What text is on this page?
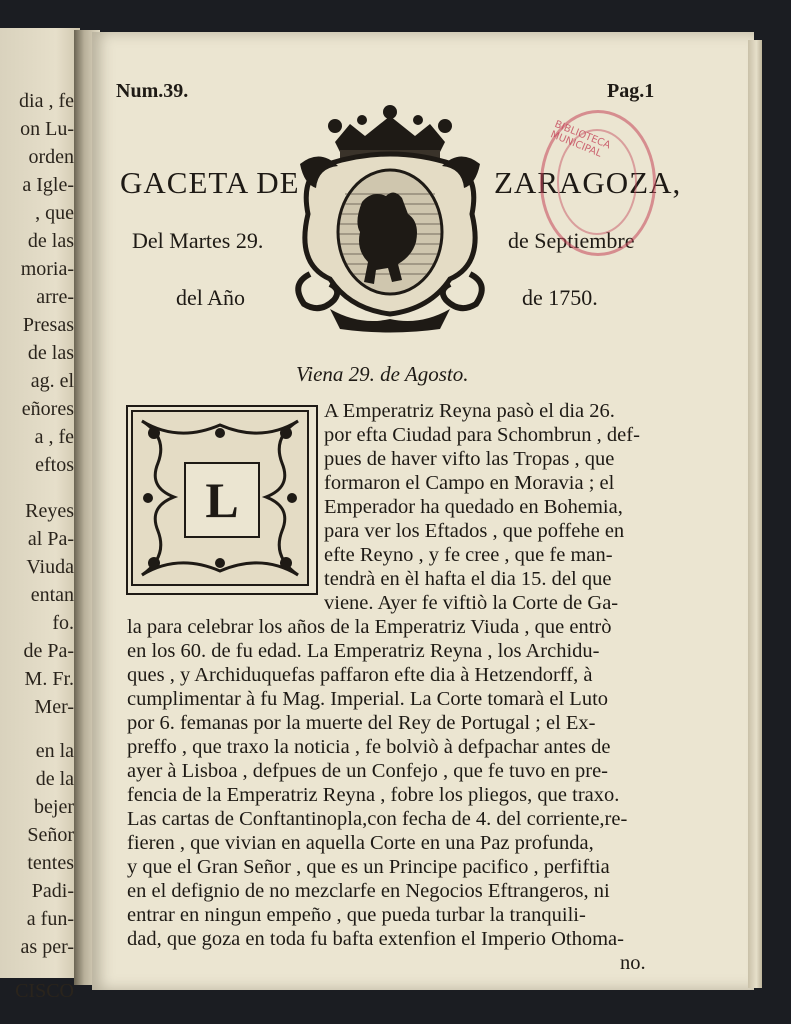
dia , fe
on Lu-
orden
a Igle-
, que
de las
moria-
arre-
Presas
de las
ag. el
eñores
a , fe
eftos
Reyes
al Pa-
Viuda
entan
fo.
de Pa-
M. Fr.
Mer-
en la
de la
bejer
Señor
tentes
Padi-
a fun-
as per-
CISCO
Num.39.	Pag.1
GACETA DE	ZARAGOZA,
Del Martes 29.	de Septiembre
del Año	de 1750.
BIBLIOTECA MUNICIPAL
Viena 29. de Agosto.
L
A Emperatriz Reyna pasò el dia 26.
por efta Ciudad para Schombrun , def-
pues de haver vifto las Tropas , que
formaron el Campo en Moravia ; el
Emperador ha quedado en Bohemia,
para ver los Eftados , que poffehe en
efte Reyno , y fe cree , que fe man-
tendrà en èl hafta el dia 15. del que
viene. Ayer fe viftiò la Corte de Ga-
la para celebrar los años de la Emperatriz Viuda , que entrò
en los 60. de fu edad. La Emperatriz Reyna , los Archidu-
ques , y Archiduquefas paffaron efte dia à Hetzendorff, à
cumplimentar à fu Mag. Imperial. La Corte tomarà el Luto
por 6. femanas por la muerte del Rey de Portugal ; el Ex-
preffo , que traxo la noticia , fe bolviò à defpachar antes de
ayer à Lisboa , defpues de un Confejo , que fe tuvo en pre-
fencia de la Emperatriz Reyna , fobre los pliegos, que traxo.
Las cartas de Conftantinopla,con fecha de 4. del corriente,re-
fieren , que vivian en aquella Corte en una Paz profunda,
y que el Gran Señor , que es un Principe pacifico , perfiftia
en el defignio de no mezclarfe en Negocios Eftrangeros, ni
entrar en ningun empeño , que pueda turbar la tranquili-
dad, que goza en toda fu bafta extenfion el Imperio Othoma-
no.
